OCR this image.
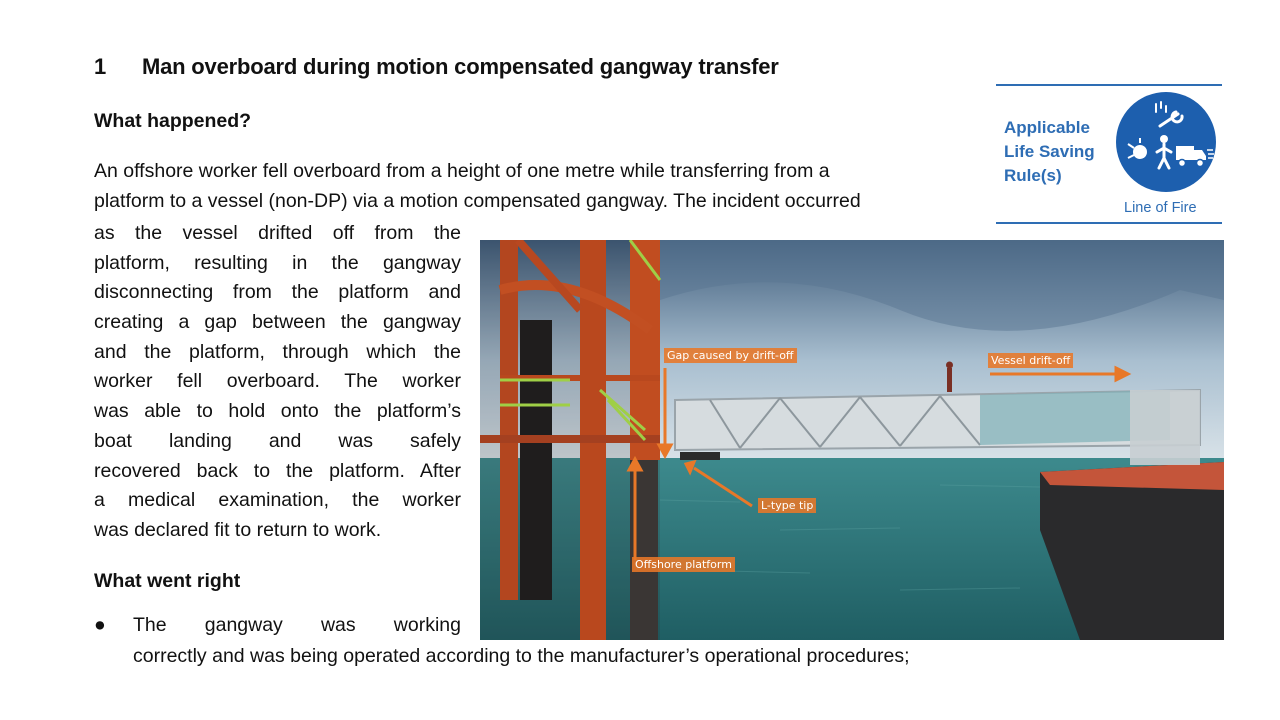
1 Man overboard during motion compensated gangway transfer
What happened?
An offshore worker fell overboard from a height of one metre while transferring from a
platform to a vessel (non-DP) via a motion compensated gangway. The incident occurred
as the vessel drifted off from the
platform, resulting in the gangway
disconnecting from the platform and
creating a gap between the gangway
and the platform, through which the
worker fell overboard. The worker
was able to hold onto the platform’s
boat landing and was safely
recovered back to the platform. After
a medical examination, the worker
was declared fit to return to work.
What went right
● The gangway was working
correctly and was being operated according to the manufacturer’s operational procedures;
Applicable
Life Saving
Rule(s)
Line of Fire
Gap caused by drift-off	Vessel drift-off
L-type tip
Offshore platform
